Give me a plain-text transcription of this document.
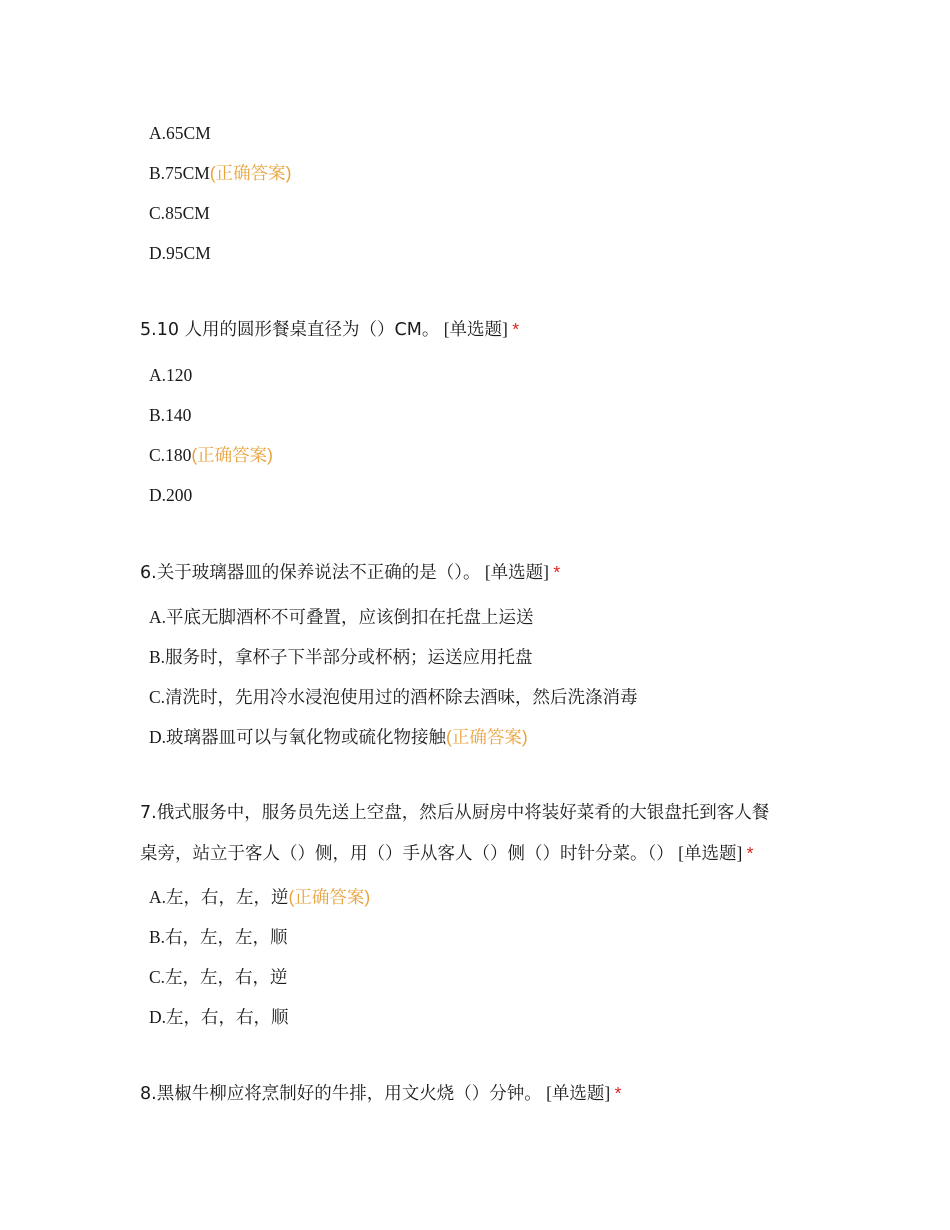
A.65CM
B.75CM(正确答案)
C.85CM
D.95CM
5.10 人用的圆形餐桌直径为（）CM。 [单选题] *
A.120
B.140
C.180(正确答案)
D.200
6.关于玻璃器皿的保养说法不正确的是（）。 [单选题] *
A.平底无脚酒杯不可叠置，应该倒扣在托盘上运送
B.服务时，拿杯子下半部分或杯柄；运送应用托盘
C.清洗时，先用冷水浸泡使用过的酒杯除去酒味，然后洗涤消毒
D.玻璃器皿可以与氧化物或硫化物接触(正确答案)
7.俄式服务中，服务员先送上空盘，然后从厨房中将装好菜肴的大银盘托到客人餐
桌旁，站立于客人（）侧，用（）手从客人（）侧（）时针分菜。（） [单选题] *
A.左，右，左，逆(正确答案)
B.右，左，左，顺
C.左，左，右，逆
D.左，右，右，顺
8.黑椒牛柳应将烹制好的牛排，用文火烧（）分钟。 [单选题] *
